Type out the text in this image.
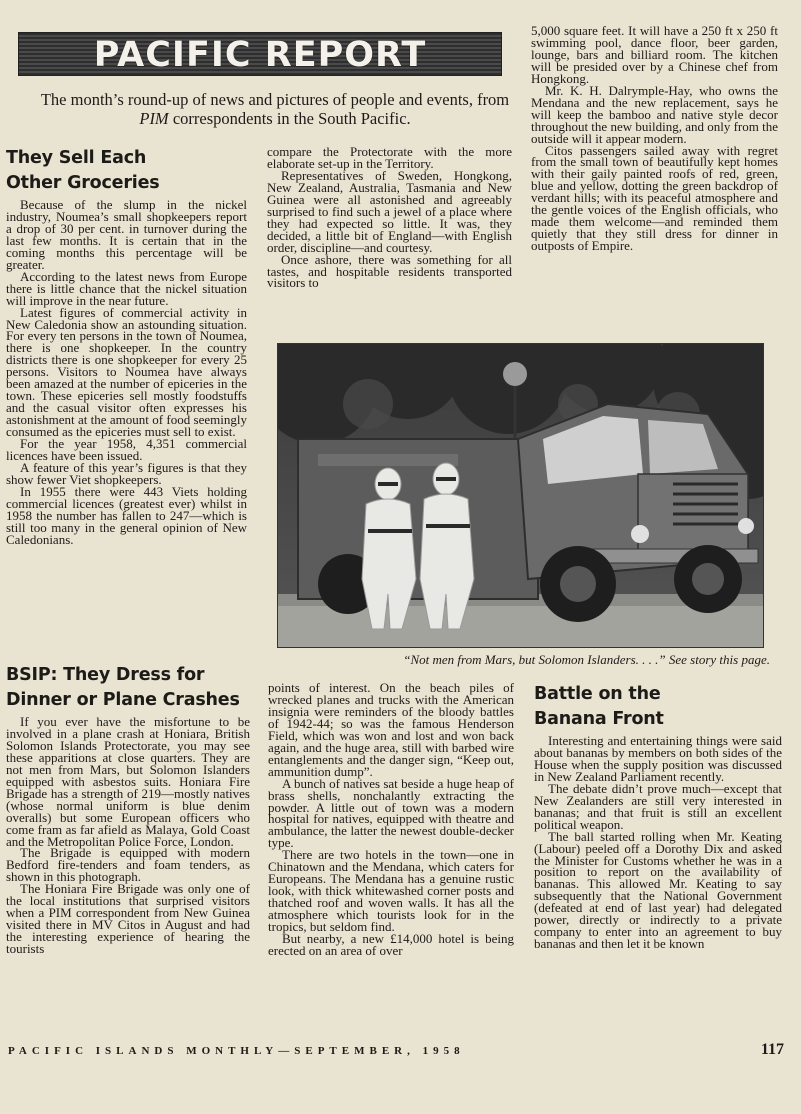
PACIFIC REPORT
The month’s round-up of news and pictures of people and events, from PIM correspondents in the South Pacific.
They Sell Each
Other Groceries

Because of the slump in the nickel industry, Noumea’s small shopkeepers report a drop of 30 per cent. in turnover during the last few months. It is certain that in the coming months this percentage will be greater.

According to the latest news from Europe there is little chance that the nickel situation will improve in the near future.

Latest figures of commercial activity in New Caledonia show an astounding situation. For every ten persons in the town of Noumea, there is one shopkeeper. In the country districts there is one shopkeeper for every 25 persons. Visitors to Noumea have always been amazed at the number of epiceries in the town. These epiceries sell mostly foodstuffs and the casual visitor often expresses his astonishment at the amount of food seemingly consumed as the epiceries must sell to exist.

For the year 1958, 4,351 commercial licences have been issued.

A feature of this year’s figures is that they show fewer Viet shopkeepers.

In 1955 there were 443 Viets holding commercial licences (greatest ever) whilst in 1958 the number has fallen to 247—which is still too many in the general opinion of New Caledonians.

compare the Protectorate with the more elaborate set-up in the Territory.

Representatives of Sweden, Hongkong, New Zealand, Australia, Tasmania and New Guinea were all astonished and agreeably surprised to find such a jewel of a place where they had expected so little. It was, they decided, a little bit of England—with English order, discipline—and courtesy.

Once ashore, there was something for all tastes, and hospitable residents transported visitors to

5,000 square feet. It will have a 250 ft x 250 ft swimming pool, dance floor, beer garden, lounge, bars and billiard room. The kitchen will be presided over by a Chinese chef from Hongkong.

Mr. K. H. Dalrymple-Hay, who owns the Mendana and the new replacement, says he will keep the bamboo and native style decor throughout the new building, and only from the outside will it appear modern.

Citos passengers sailed away with regret from the small town of beautifully kept homes with their gaily painted roofs of red, green, blue and yellow, dotting the green backdrop of verdant hills; with its peaceful atmosphere and the gentle voices of the English officials, who made them welcome—and reminded them quietly that they still dress for dinner in outposts of Empire.

“Not men from Mars, but Solomon Islanders. . . .” See story this page.
BSIP: They Dress for
Dinner or Plane Crashes

If you ever have the misfortune to be involved in a plane crash at Honiara, British Solomon Islands Protectorate, you may see these apparitions at close quarters. They are not men from Mars, but Solomon Islanders equipped with asbestos suits. Honiara Fire Brigade has a strength of 219—mostly natives (whose normal uniform is blue denim overalls) but some European officers who come fram as far afield as Malaya, Gold Coast and the Metropolitan Police Force, London.

The Brigade is equipped with modern Bedford fire-tenders and foam tenders, as shown in this photograph.

The Honiara Fire Brigade was only one of the local institutions that surprised visitors when a PIM correspondent from New Guinea visited there in MV Citos in August and had the interesting experience of hearing the tourists

points of interest. On the beach piles of wrecked planes and trucks with the American insignia were reminders of the bloody battles of 1942-44; so was the famous Henderson Field, which was won and lost and won back again, and the huge area, still with barbed wire entanglements and the danger sign, “Keep out, ammunition dump”.

A bunch of natives sat beside a huge heap of brass shells, nonchalantly extracting the powder. A little out of town was a modern hospital for natives, equipped with theatre and ambulance, the latter the newest double-decker type.

There are two hotels in the town—one in Chinatown and the Mendana, which caters for Europeans. The Mendana has a genuine rustic look, with thick whitewashed corner posts and thatched roof and woven walls. It has all the atmosphere which tourists look for in the tropics, but seldom find.

But nearby, a new £14,000 hotel is being erected on an area of over

Battle on the
Banana Front

Interesting and entertaining things were said about bananas by members on both sides of the House when the supply position was discussed in New Zealand Parliament recently.

The debate didn’t prove much—except that New Zealanders are still very interested in bananas; and that fruit is still an excellent political weapon.

The ball started rolling when Mr. Keating (Labour) peeled off a Dorothy Dix and asked the Minister for Customs whether he was in a position to report on the availability of bananas. This allowed Mr. Keating to say subsequently that the National Government (defeated at end of last year) had delegated power, directly or indirectly to a private company to enter into an agreement to buy bananas and then let it be known

PACIFIC ISLANDS MONTHLY—SEPTEMBER, 1958	117
